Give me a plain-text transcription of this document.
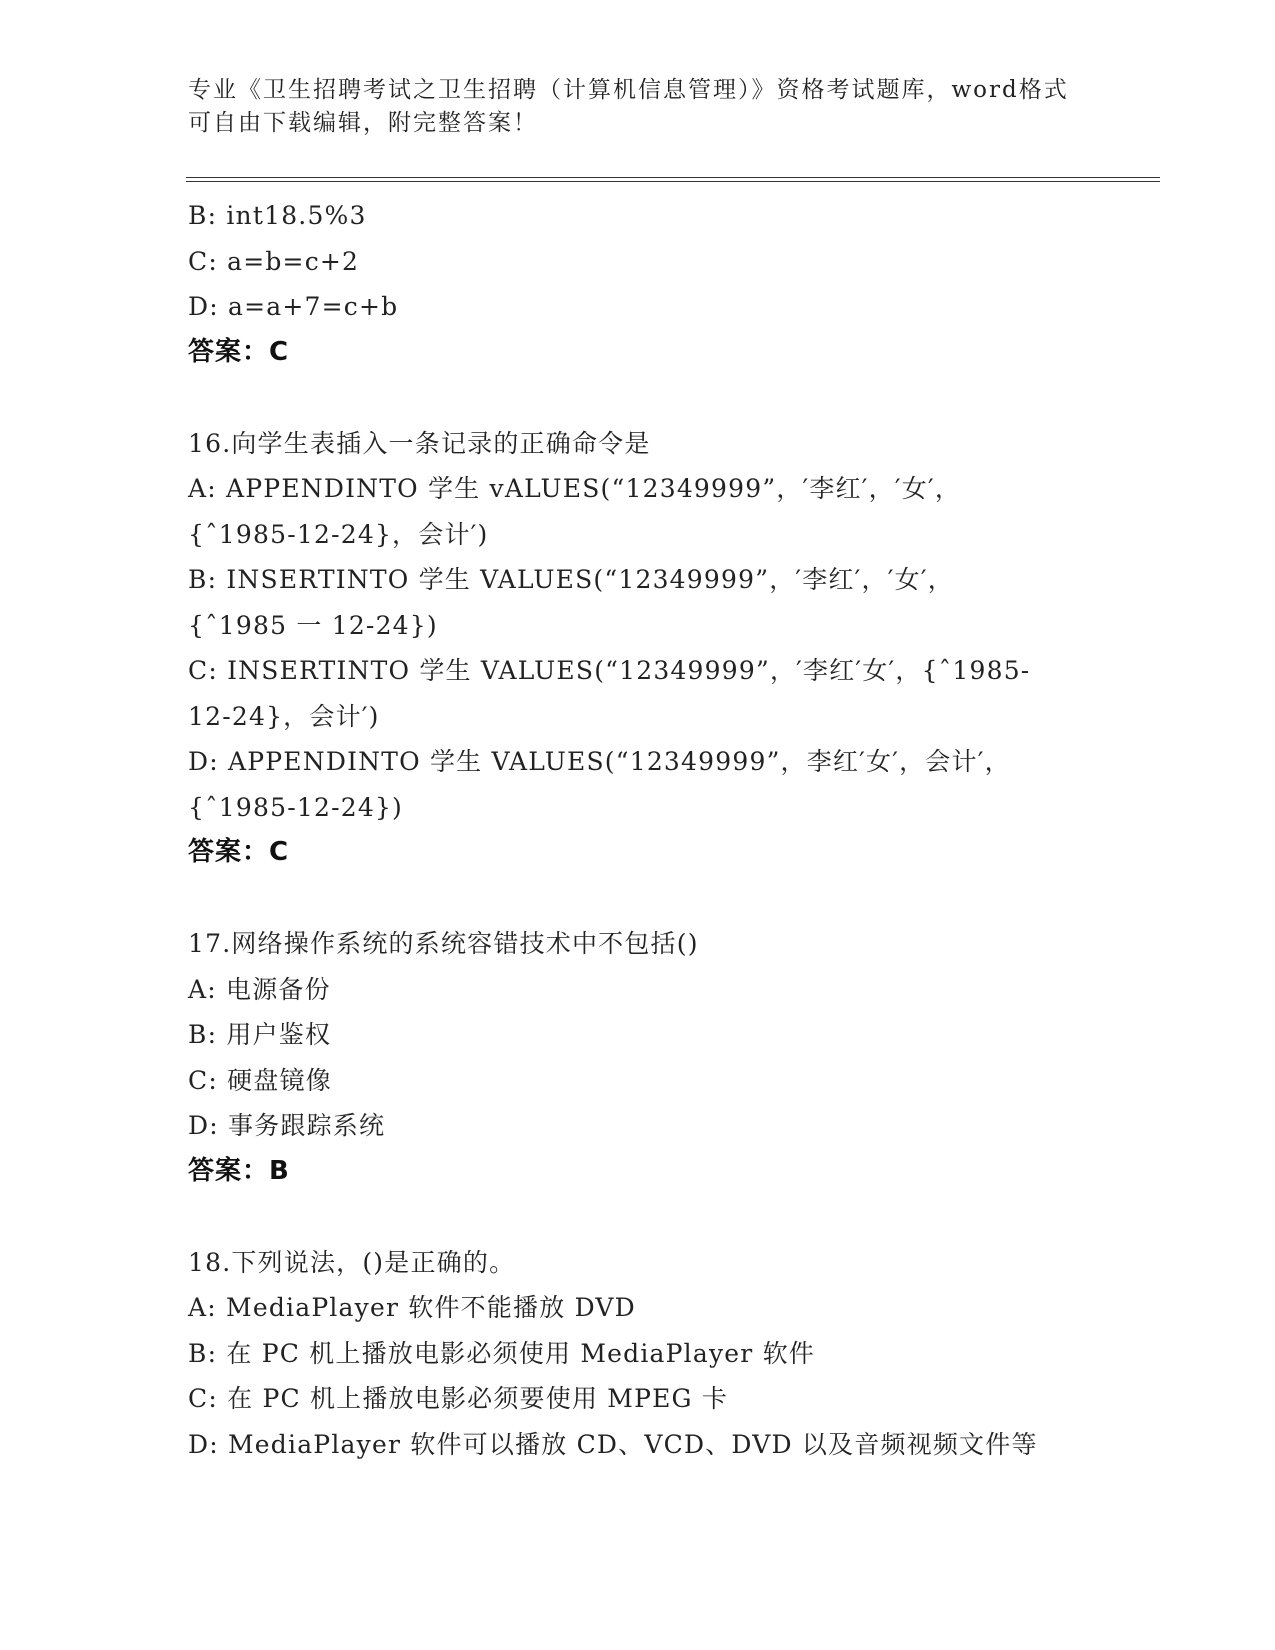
专业《卫生招聘考试之卫生招聘（计算机信息管理）》资格考试题库，word格式
可自由下载编辑，附完整答案！
B: int18.5%3
C: a=b=c+2
D: a=a+7=c+b
答案：C
16.向学生表插入一条记录的正确命令是
A: APPENDINTO 学生 vALUES(“12349999”，′李红′，′女′，
{ˆ1985-12-24}，会计′)
B: INSERTINTO 学生 VALUES(“12349999”，′李红′，′女′，
{ˆ1985 一 12-24})
C: INSERTINTO 学生 VALUES(“12349999”，′李红′女′，{ˆ1985-
12-24}，会计′)
D: APPENDINTO 学生 VALUES(“12349999”，李红′女′，会计′，
{ˆ1985-12-24})
答案：C
17.网络操作系统的系统容错技术中不包括()
A: 电源备份
B: 用户鉴权
C: 硬盘镜像
D: 事务跟踪系统
答案：B
18.下列说法，()是正确的。
A: MediaPlayer 软件不能播放 DVD
B: 在 PC 机上播放电影必须使用 MediaPlayer 软件
C: 在 PC 机上播放电影必须要使用 MPEG 卡
D: MediaPlayer 软件可以播放 CD、VCD、DVD 以及音频视频文件等
